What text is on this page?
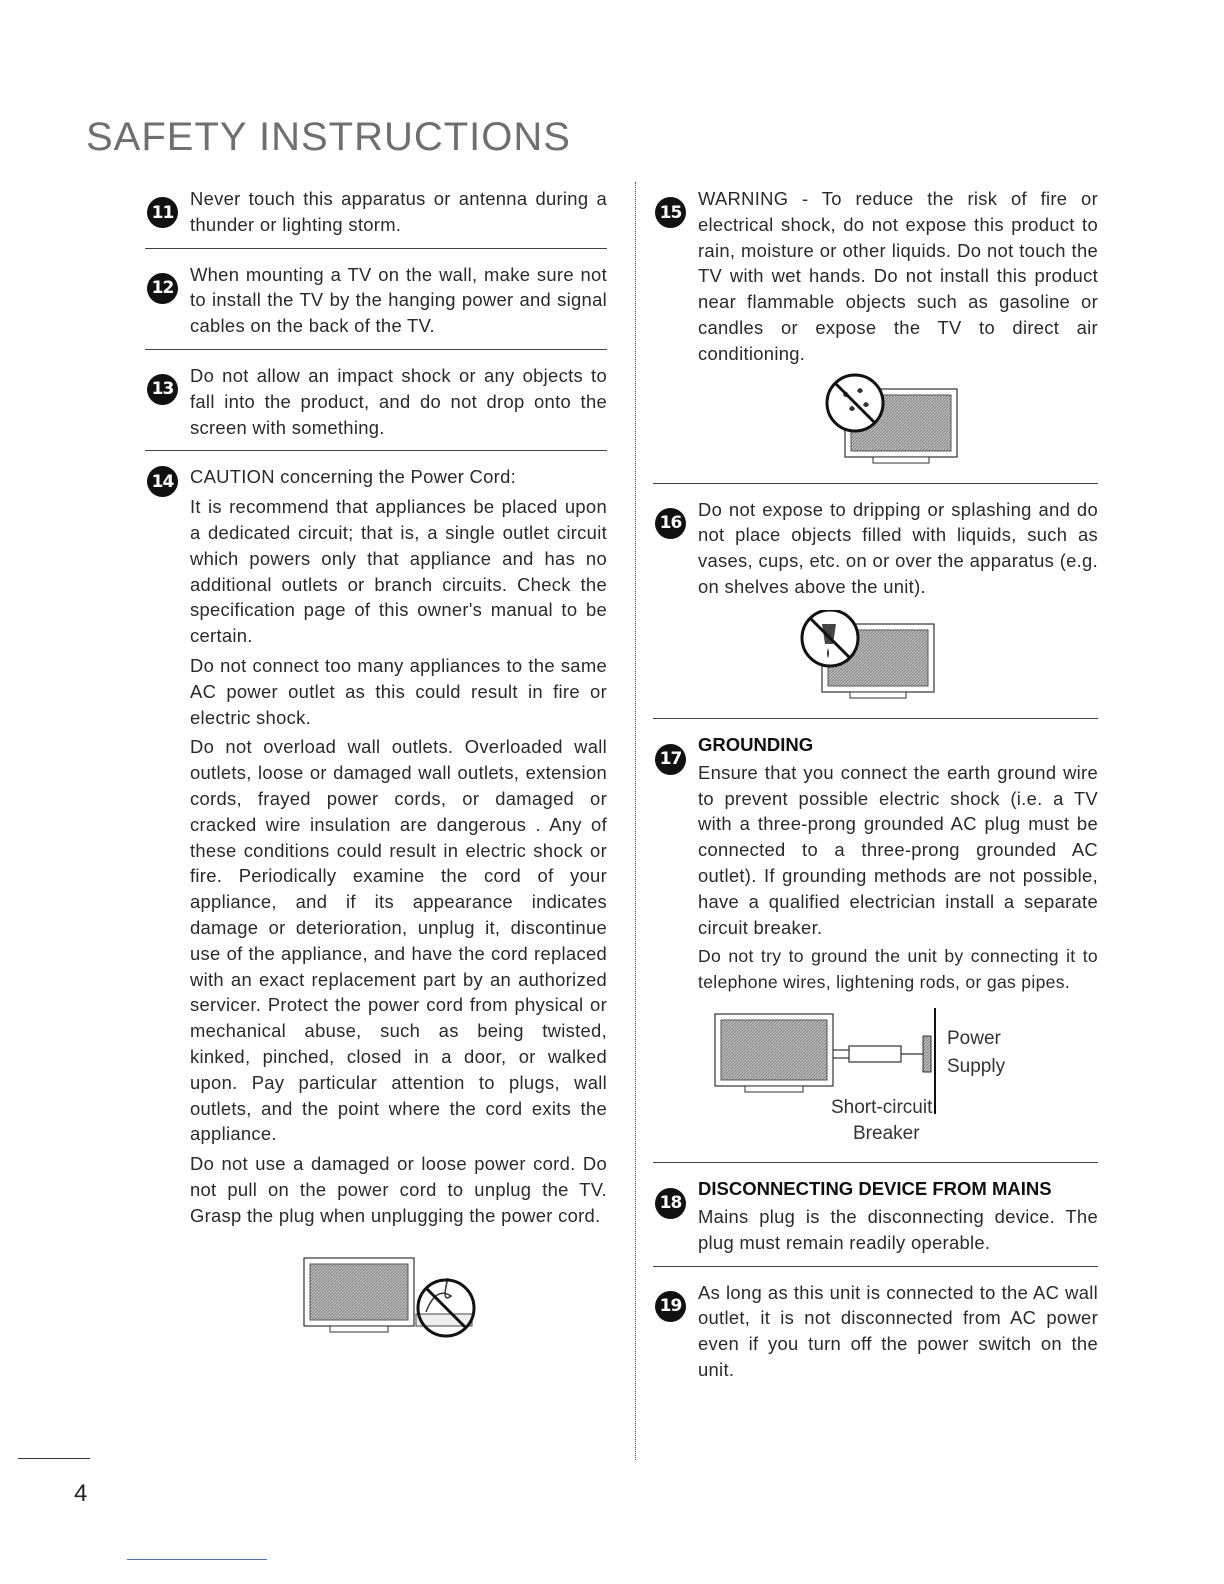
SAFETY INSTRUCTIONS
11

Never touch this apparatus or antenna during a thunder or lighting storm.

12

When mounting a TV on the wall, make sure not to install the TV by the hanging power and signal cables on the back of the TV.

13

Do not allow an impact shock or any objects to fall into the product, and do not drop onto the screen with something.

14 CAUTION concerning the Power Cord:

It is recommend that appliances be placed upon a dedicated circuit; that is, a single outlet circuit which powers only that appliance and has no additional outlets or branch circuits. Check the specification page of this owner's manual to be certain.

Do not connect too many appliances to the same AC power outlet as this could result in fire or electric shock.

Do not overload wall outlets. Overloaded wall outlets, loose or damaged wall outlets, extension cords, frayed power cords, or damaged or cracked wire insulation are dangerous . Any of these conditions could result in electric shock or fire. Periodically examine the cord of your appliance, and if its appearance indicates damage or deterioration, unplug it, discontinue use of the appliance, and have the cord replaced with an exact replacement part by an authorized servicer. Protect the power cord from physical or mechanical abuse, such as being twisted, kinked, pinched, closed in a door, or walked upon. Pay particular attention to plugs, wall outlets, and the point where the cord exits the appliance.

Do not use a damaged or loose power cord. Do not pull on the power cord to unplug the TV. Grasp the plug when unplugging the power cord.

15

WARNING - To reduce the risk of fire or electrical shock, do not expose this product to rain, moisture or other liquids. Do not touch the TV with wet hands. Do not install this product near flammable objects such as gasoline or candles or expose the TV to direct air conditioning.

16

Do not expose to dripping or splashing and do not place objects filled with liquids, such as vases, cups, etc. on or over the apparatus (e.g. on shelves above the unit).

17

GROUNDING

Ensure that you connect the earth ground wire to prevent possible electric shock (i.e. a TV with a three-prong grounded AC plug must be connected to a three-prong grounded AC outlet). If grounding methods are not possible, have a qualified electrician install a separate circuit breaker.

Do not try to ground the unit by connecting it to telephone wires, lightening rods, or gas pipes.

Power
Supply
Short-circuit
Breaker
18

DISCONNECTING DEVICE FROM MAINS

Mains plug is the disconnecting device. The plug must remain readily operable.

19

As long as this unit is connected to the AC wall outlet, it is not disconnected from AC power even if you turn off the power switch on the unit.

4
